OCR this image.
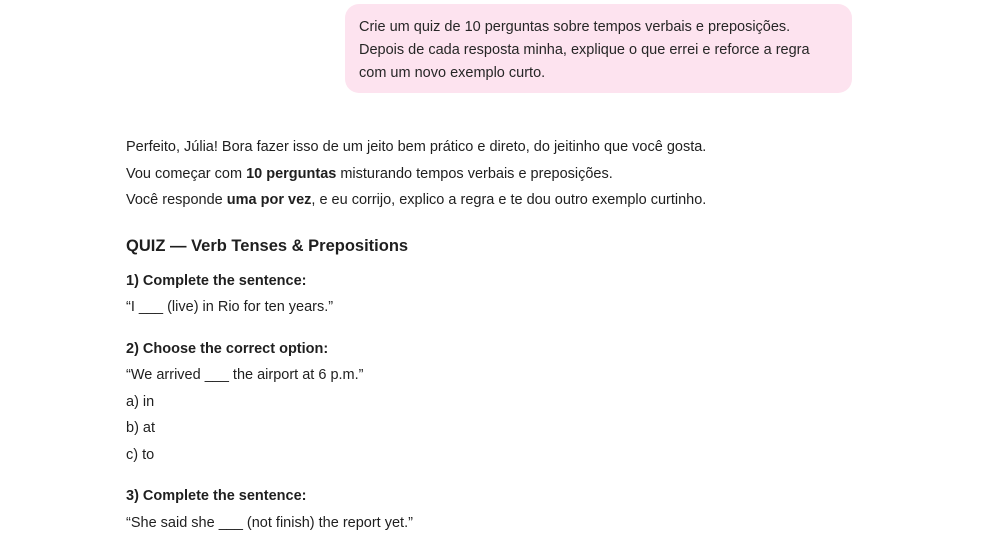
Crie um quiz de 10 perguntas sobre tempos verbais e preposições.

Depois de cada resposta minha, explique o que errei e reforce a regra

com um novo exemplo curto.

Perfeito, Júlia! Bora fazer isso de um jeito bem prático e direto, do jeitinho que você gosta.
Vou começar com 10 perguntas misturando tempos verbais e preposições.
Você responde uma por vez, e eu corrijo, explico a regra e te dou outro exemplo curtinho.
QUIZ — Verb Tenses & Prepositions
1) Complete the sentence:
“I ___ (live) in Rio for ten years.”
2) Choose the correct option:
“We arrived ___ the airport at 6 p.m.”
a) in
b) at
c) to
3) Complete the sentence:
“She said she ___ (not finish) the report yet.”
